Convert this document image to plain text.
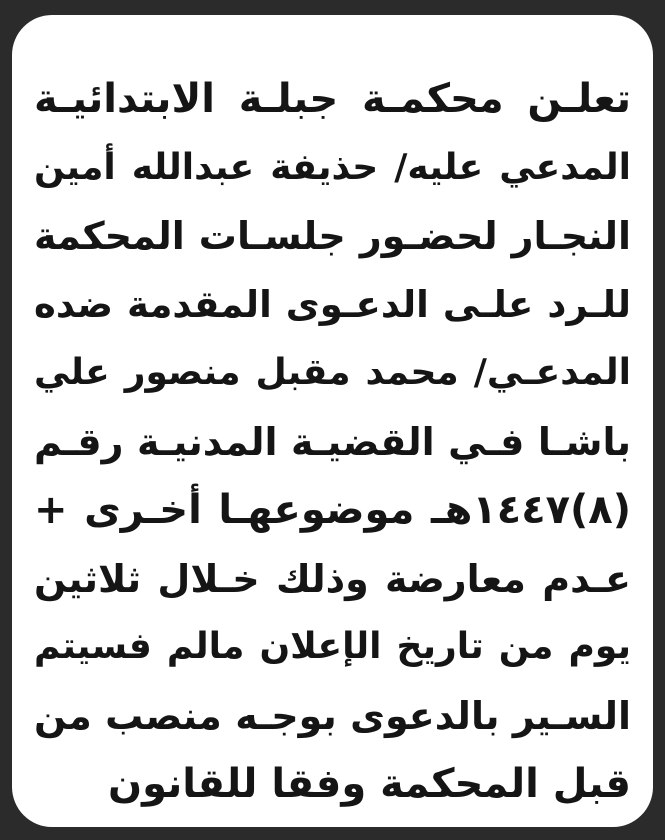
تعلـن محكمـة جبلـة الابتدائيـة
المدعي عليه/ حذيفة عبدالله أمين
النجـار لحضـور جلسـات المحكمة
للـرد علـى الدعـوى المقدمة ضده
المدعـي/ محمد مقبل منصور علي
باشـا فـي القضيـة المدنيـة رقـم
(٨)١٤٤٧هـ موضوعهـا أخـرى +
عـدم معارضة وذلك خـلال ثلاثين
يوم من تاريخ الإعلان مالم فسيتم
السـير بالدعوى بوجـه منصب من
قبل المحكمة وفقا للقانون
